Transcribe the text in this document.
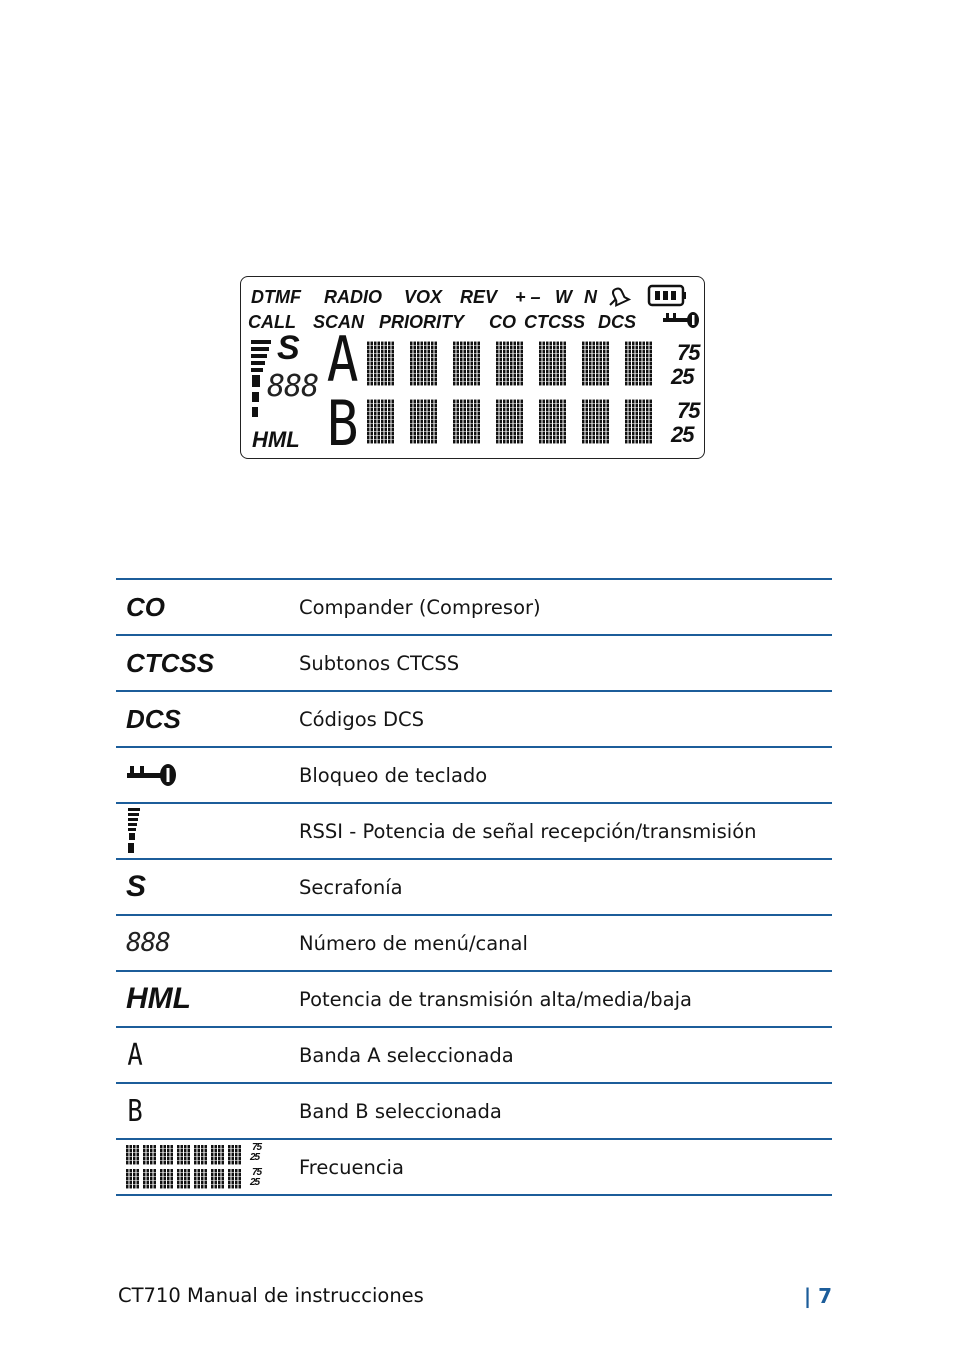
DTMF RADIO VOX REV + – W N
CALL SCAN PRIORITY CO CTCSS DCS
S
888
HML
A
B
75
25
75
25
CO	Compander (Compresor)
CTCSS	Subtonos CTCSS
DCS	Códigos DCS
Bloqueo de teclado
RSSI - Potencia de señal recepción/transmisión
S	Secrafonía
888	Número de menú/canal
HML	Potencia de transmisión alta/media/baja
A	Banda A seleccionada
B	Band B seleccionada
75
25
75
25
Frecuencia
CT710 Manual de instrucciones	| 7
